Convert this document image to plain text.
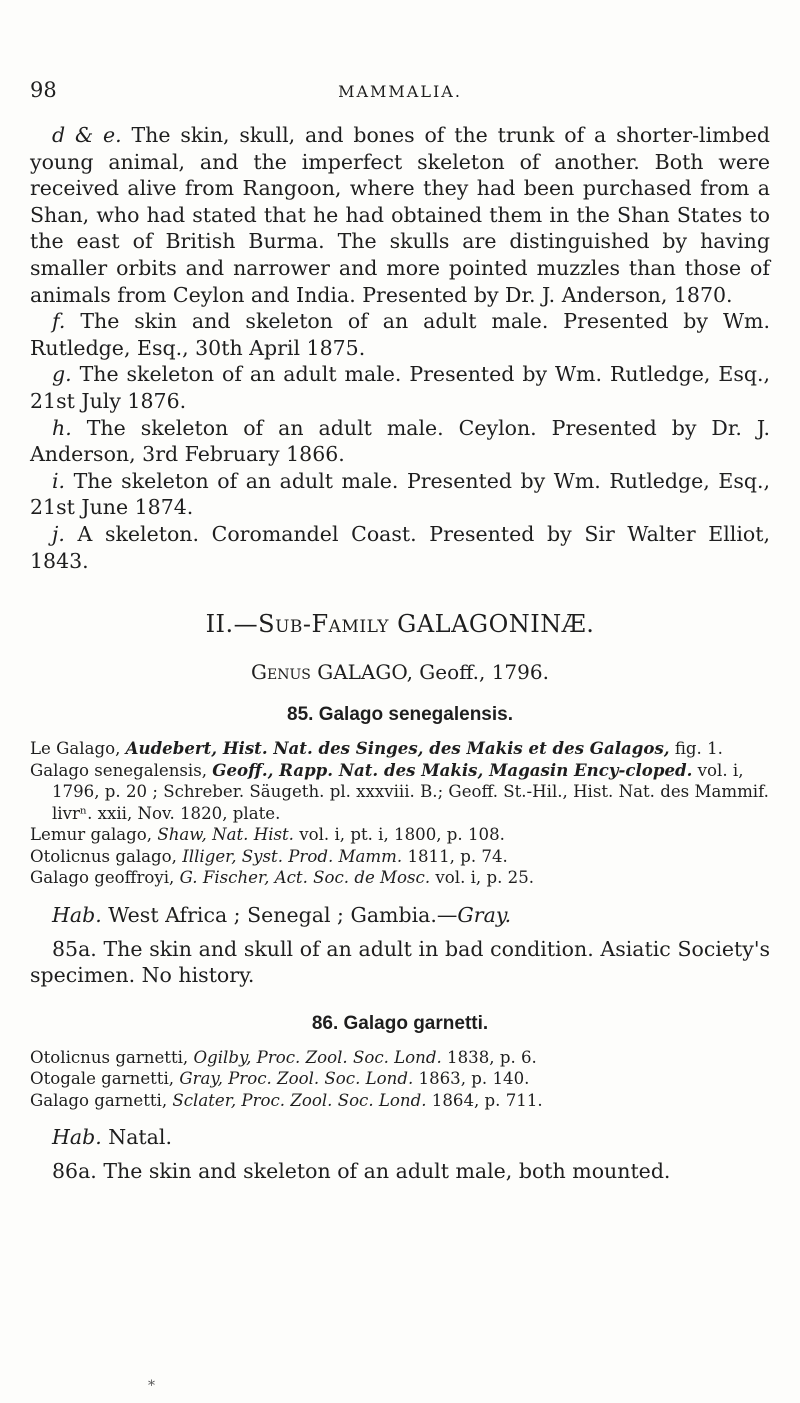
98	MAMMALIA.

d & e. The skin, skull, and bones of the trunk of a shorter-limbed young animal, and the imperfect skeleton of another. Both were received alive from Rangoon, where they had been purchased from a Shan, who had stated that he had obtained them in the Shan States to the east of British Burma. The skulls are distinguished by having smaller orbits and narrower and more pointed muzzles than those of animals from Ceylon and India. Presented by Dr. J. Anderson, 1870.

f. The skin and skeleton of an adult male. Presented by Wm. Rutledge, Esq., 30th April 1875.

g. The skeleton of an adult male. Presented by Wm. Rutledge, Esq., 21st July 1876.

h. The skeleton of an adult male. Ceylon. Presented by Dr. J. Anderson, 3rd February 1866.

i. The skeleton of an adult male. Presented by Wm. Rutledge, Esq., 21st June 1874.

j. A skeleton. Coromandel Coast. Presented by Sir Walter Elliot, 1843.

II.—Sub-Family GALAGONINÆ.
Genus GALAGO, Geoff., 1796.
85. Galago senegalensis.

Le Galago, Audebert, Hist. Nat. des Singes, des Makis et des Galagos, fig. 1.

Galago senegalensis, Geoff., Rapp. Nat. des Makis, Magasin Ency-cloped. vol. i, 1796, p. 20 ; Schreber. Säugeth. pl. xxxviii. B.; Geoff. St.-Hil., Hist. Nat. des Mammif. livrⁿ. xxii, Nov. 1820, plate.

Lemur galago, Shaw, Nat. Hist. vol. i, pt. i, 1800, p. 108.

Otolicnus galago, Illiger, Syst. Prod. Mamm. 1811, p. 74.

Galago geoffroyi, G. Fischer, Act. Soc. de Mosc. vol. i, p. 25.

Hab. West Africa ; Senegal ; Gambia.—Gray.

85a. The skin and skull of an adult in bad condition. Asiatic Society's specimen. No history.

86. Galago garnetti.

Otolicnus garnetti, Ogilby, Proc. Zool. Soc. Lond. 1838, p. 6.

Otogale garnetti, Gray, Proc. Zool. Soc. Lond. 1863, p. 140.

Galago garnetti, Sclater, Proc. Zool. Soc. Lond. 1864, p. 711.

Hab. Natal.

86a. The skin and skeleton of an adult male, both mounted.

*
